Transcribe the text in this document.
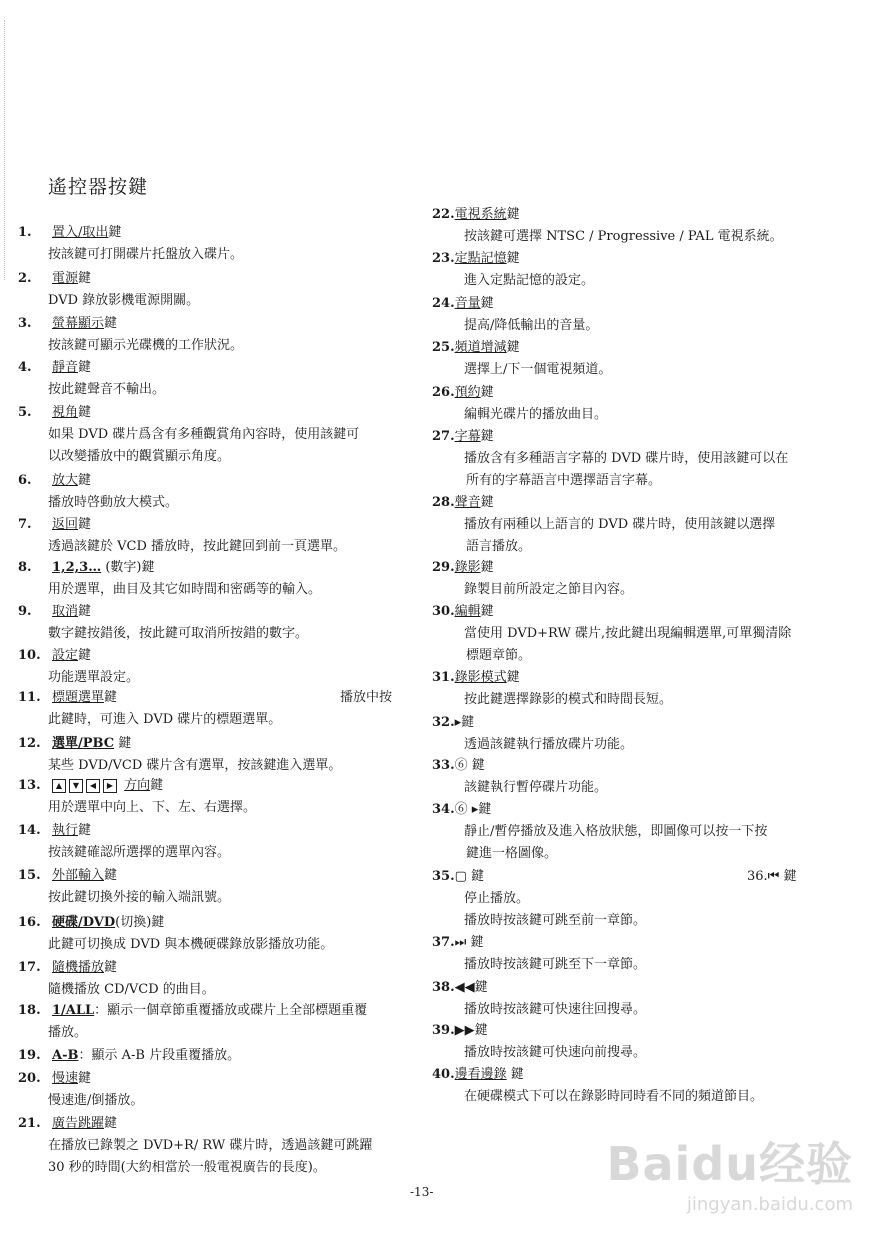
遙控器按鍵
1. 置入/取出鍵
按該鍵可打開碟片托盤放入碟片。
2. 電源鍵
DVD 錄放影機電源開關。
3. 螢幕顯示鍵
按該鍵可顯示光碟機的工作狀況。
4. 靜音鍵
按此鍵聲音不輸出。
5. 視角鍵
如果 DVD 碟片爲含有多種觀賞角內容時，使用該鍵可
以改變播放中的觀賞顯示角度。
6. 放大鍵
播放時啓動放大模式。
7. 返回鍵
透過該鍵於 VCD 播放時，按此鍵回到前一頁選單。
8. 1,2,3… (數字)鍵
用於選單，曲目及其它如時間和密碼等的輸入。
9. 取消鍵
數字鍵按錯後，按此鍵可取消所按錯的數字。
10. 設定鍵
功能選單設定。
11. 標題選單鍵	播放中按
此鍵時，可進入 DVD 碟片的標題選單。
12. 選單/PBC 鍵
某些 DVD/VCD 碟片含有選單，按該鍵進入選單。
13. ▲ ▼ ◀ ▶ 方向鍵
用於選單中向上、下、左、右選擇。
14. 執行鍵
按該鍵確認所選擇的選單內容。
15. 外部輸入鍵
按此鍵切換外接的輸入端訊號。
16. 硬碟/DVD(切換)鍵
此鍵可切換成 DVD 與本機硬碟錄放影播放功能。
17. 隨機播放鍵
隨機播放 CD/VCD 的曲目。
18. 1/ALL：顯示一個章節重覆播放或碟片上全部標題重覆
播放。
19. A-B：顯示 A-B 片段重覆播放。
20. 慢速鍵
慢速進/倒播放。
21. 廣告跳躍鍵
在播放已錄製之 DVD+R/ RW 碟片時，透過該鍵可跳躍
30 秒的時間(大約相當於一般電視廣告的長度)。
22.電視系統鍵
按該鍵可選擇 NTSC / Progressive / PAL 電視系統。
23.定點記憶鍵
進入定點記憶的設定。
24.音量鍵
提高/降低輸出的音量。
25.頻道增減鍵
選擇上/下一個電視頻道。
26.預約鍵
編輯光碟片的播放曲目。
27.字幕鍵
播放含有多種語言字幕的 DVD 碟片時，使用該鍵可以在
所有的字幕語言中選擇語言字幕。
28.聲音鍵
播放有兩種以上語言的 DVD 碟片時，使用該鍵以選擇
語言播放。
29.錄影鍵
錄製目前所設定之節目內容。
30.編輯鍵
當使用 DVD+RW 碟片,按此鍵出現編輯選單,可單獨清除
標題章節。
31.錄影模式鍵
按此鍵選擇錄影的模式和時間長短。
32.▸鍵
透過該鍵執行播放碟片功能。
33.⑥ 鍵
該鍵執行暫停碟片功能。
34.⑥ ▸鍵
靜止/暫停播放及進入格放狀態，即圖像可以按一下按
鍵進一格圖像。
35.▢ 鍵	36.⏮ 鍵
停止播放。
播放時按該鍵可跳至前一章節。
37.⏭ 鍵
播放時按該鍵可跳至下一章節。
38.◀◀鍵
播放時按該鍵可快速往回搜尋。
39.▶▶鍵
播放時按該鍵可快速向前搜尋。
40.邊看邊錄 鍵
在硬碟模式下可以在錄影時同時看不同的頻道節目。
-13-
Baidu经验
jingyan.baidu.com
